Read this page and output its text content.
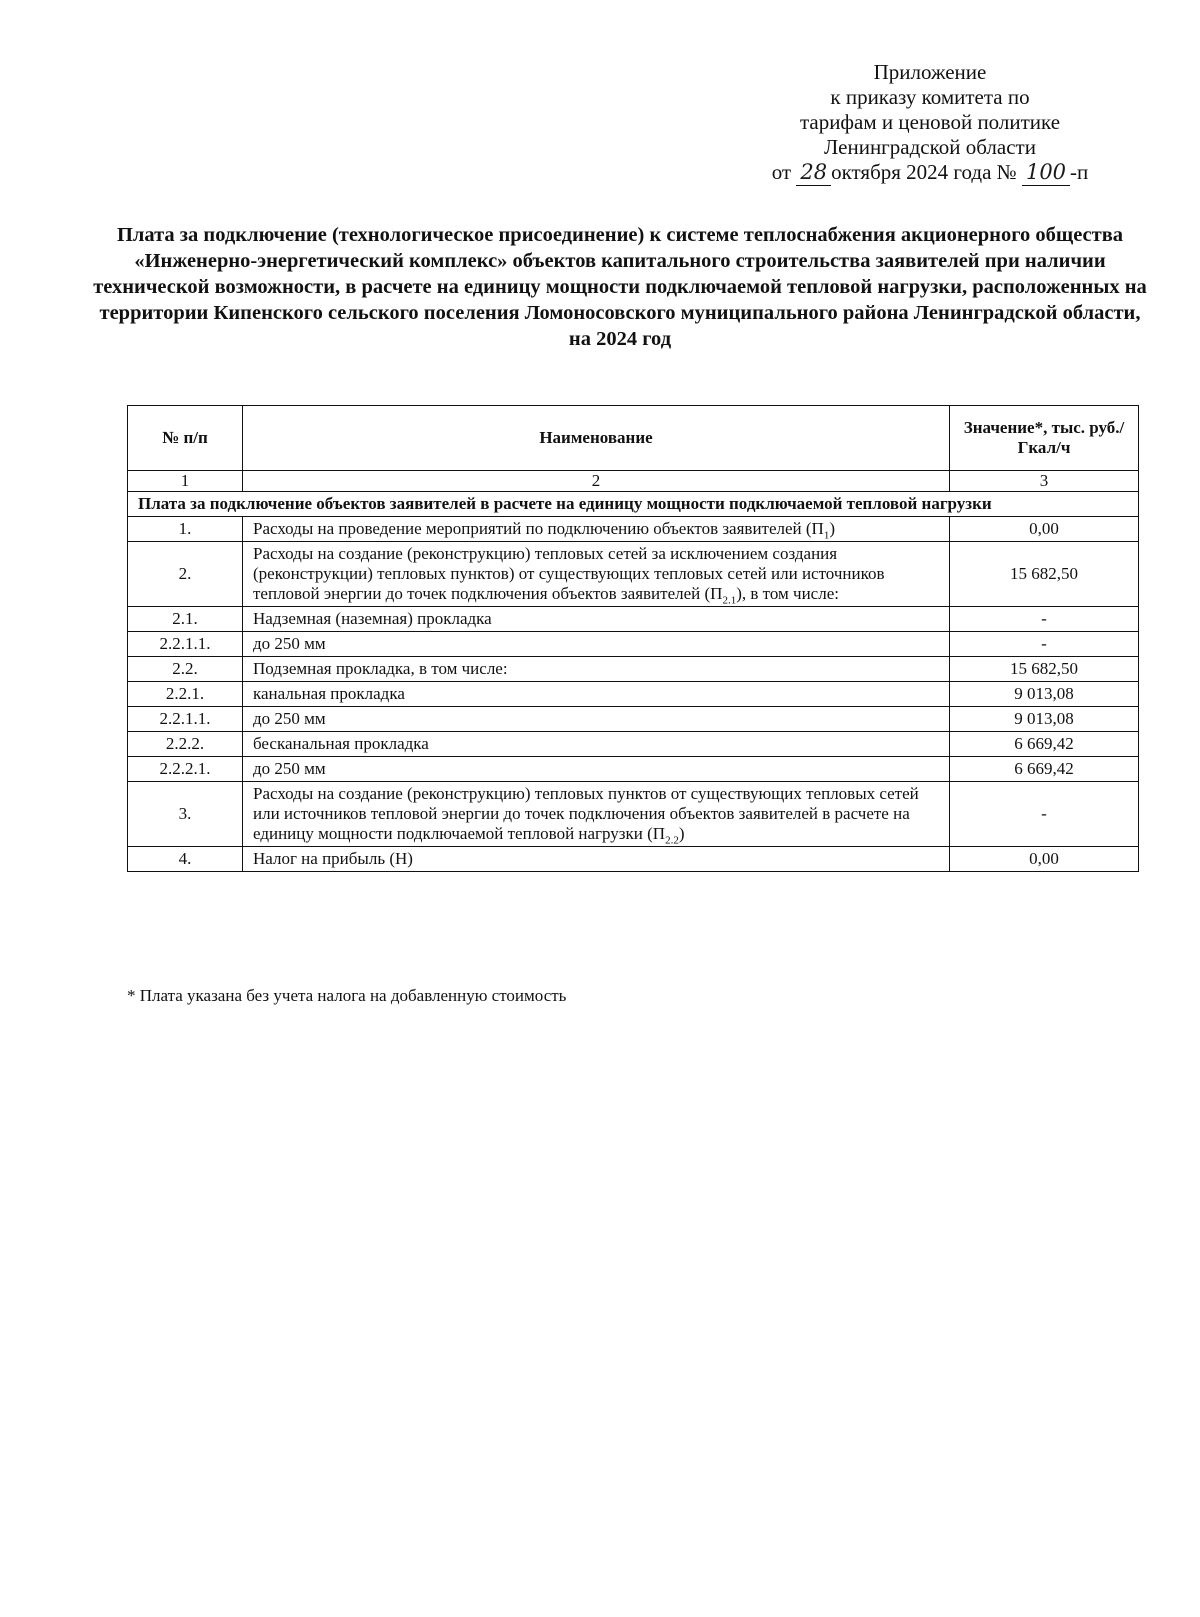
Приложение
к приказу комитета по
тарифам и ценовой политике
Ленинградской области
от 28 октября 2024 года № 100 -п
Плата за подключение (технологическое присоединение) к системе теплоснабжения акционерного общества «Инженерно-энергетический комплекс» объектов капитального строительства заявителей при наличии технической возможности, в расчете на единицу мощности подключаемой тепловой нагрузки, расположенных на территории Кипенского сельского поселения Ломоносовского муниципального района Ленинградской области, на 2024 год
№ п/п	Наименование	Значение*, тыс. руб./Гкал/ч
1	2	3
Плата за подключение объектов заявителей в расчете на единицу мощности подключаемой тепловой нагрузки		
1.	Расходы на проведение мероприятий по подключению объектов заявителей $(П_1)$	0,00
2.	Расходы на создание (реконструкцию) тепловых сетей за исключением создания (реконструкции) тепловых пунктов) от существующих тепловых сетей или источников тепловой энергии до точек подключения объектов заявителей $(П_{2.1})$, в том числе:	15 682,50
2.1.	Надземная (наземная) прокладка	-
2.2.1.1.	до 250 мм	-
2.2.	Подземная прокладка, в том числе:	15 682,50
2.2.1.	канальная прокладка	9 013,08
2.2.1.1.	до 250 мм	9 013,08
2.2.2.	бесканальная прокладка	6 669,42
2.2.2.1.	до 250 мм	6 669,42
3.	Расходы на создание (реконструкцию) тепловых пунктов от существующих тепловых сетей или источников тепловой энергии до точек подключения объектов заявителей в расчете на единицу мощности подключаемой тепловой нагрузки $(П_{2.2})$	-
4.	Налог на прибыль (Н)	0,00
* Плата указана без учета налога на добавленную стоимость
